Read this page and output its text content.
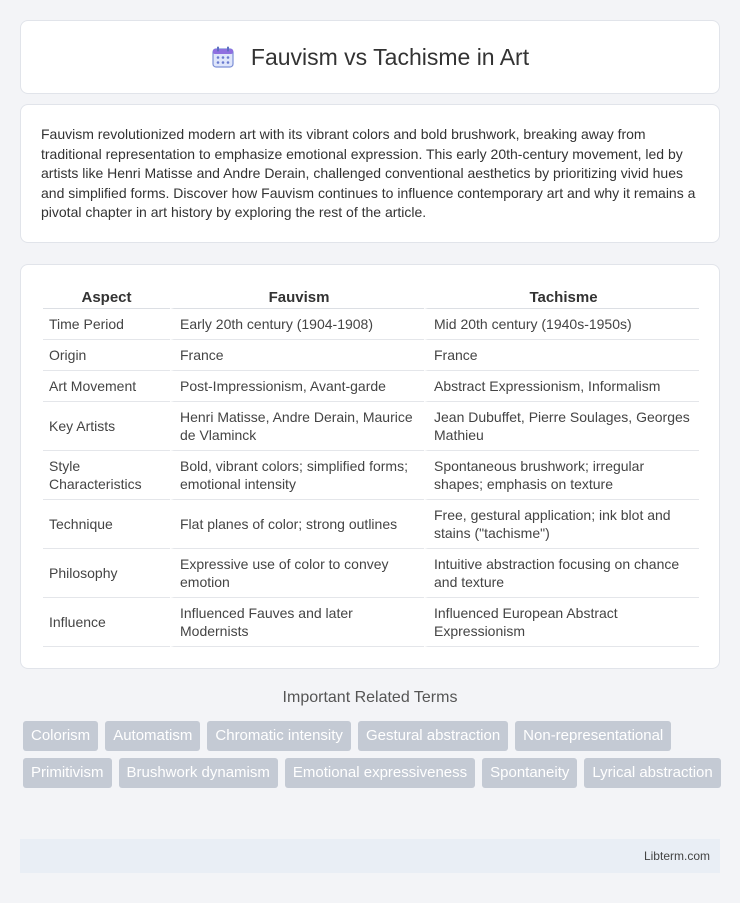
Fauvism vs Tachisme in Art

Fauvism revolutionized modern art with its vibrant colors and bold brushwork, breaking away from traditional representation to emphasize emotional expression. This early 20th-century movement, led by artists like Henri Matisse and Andre Derain, challenged conventional aesthetics by prioritizing vivid hues and simplified forms. Discover how Fauvism continues to influence contemporary art and why it remains a pivotal chapter in art history by exploring the rest of the article.

Aspect	Fauvism	Tachisme
Time Period	Early 20th century (1904-1908)	Mid 20th century (1940s-1950s)
Origin	France	France
Art Movement	Post-Impressionism, Avant-garde	Abstract Expressionism, Informalism
Key Artists	Henri Matisse, Andre Derain, Maurice de Vlaminck	Jean Dubuffet, Pierre Soulages, Georges Mathieu
Style Characteristics	Bold, vibrant colors; simplified forms; emotional intensity	Spontaneous brushwork; irregular shapes; emphasis on texture
Technique	Flat planes of color; strong outlines	Free, gestural application; ink blot and stains ("tachisme")
Philosophy	Expressive use of color to convey emotion	Intuitive abstraction focusing on chance and texture
Influence	Influenced Fauves and later Modernists	Influenced European Abstract Expressionism
Important Related Terms
Colorism	Automatism	Chromatic intensity	Gestural abstraction	Non-representational
Primitivism	Brushwork dynamism	Emotional expressiveness	Spontaneity	Lyrical abstraction
Libterm.com
